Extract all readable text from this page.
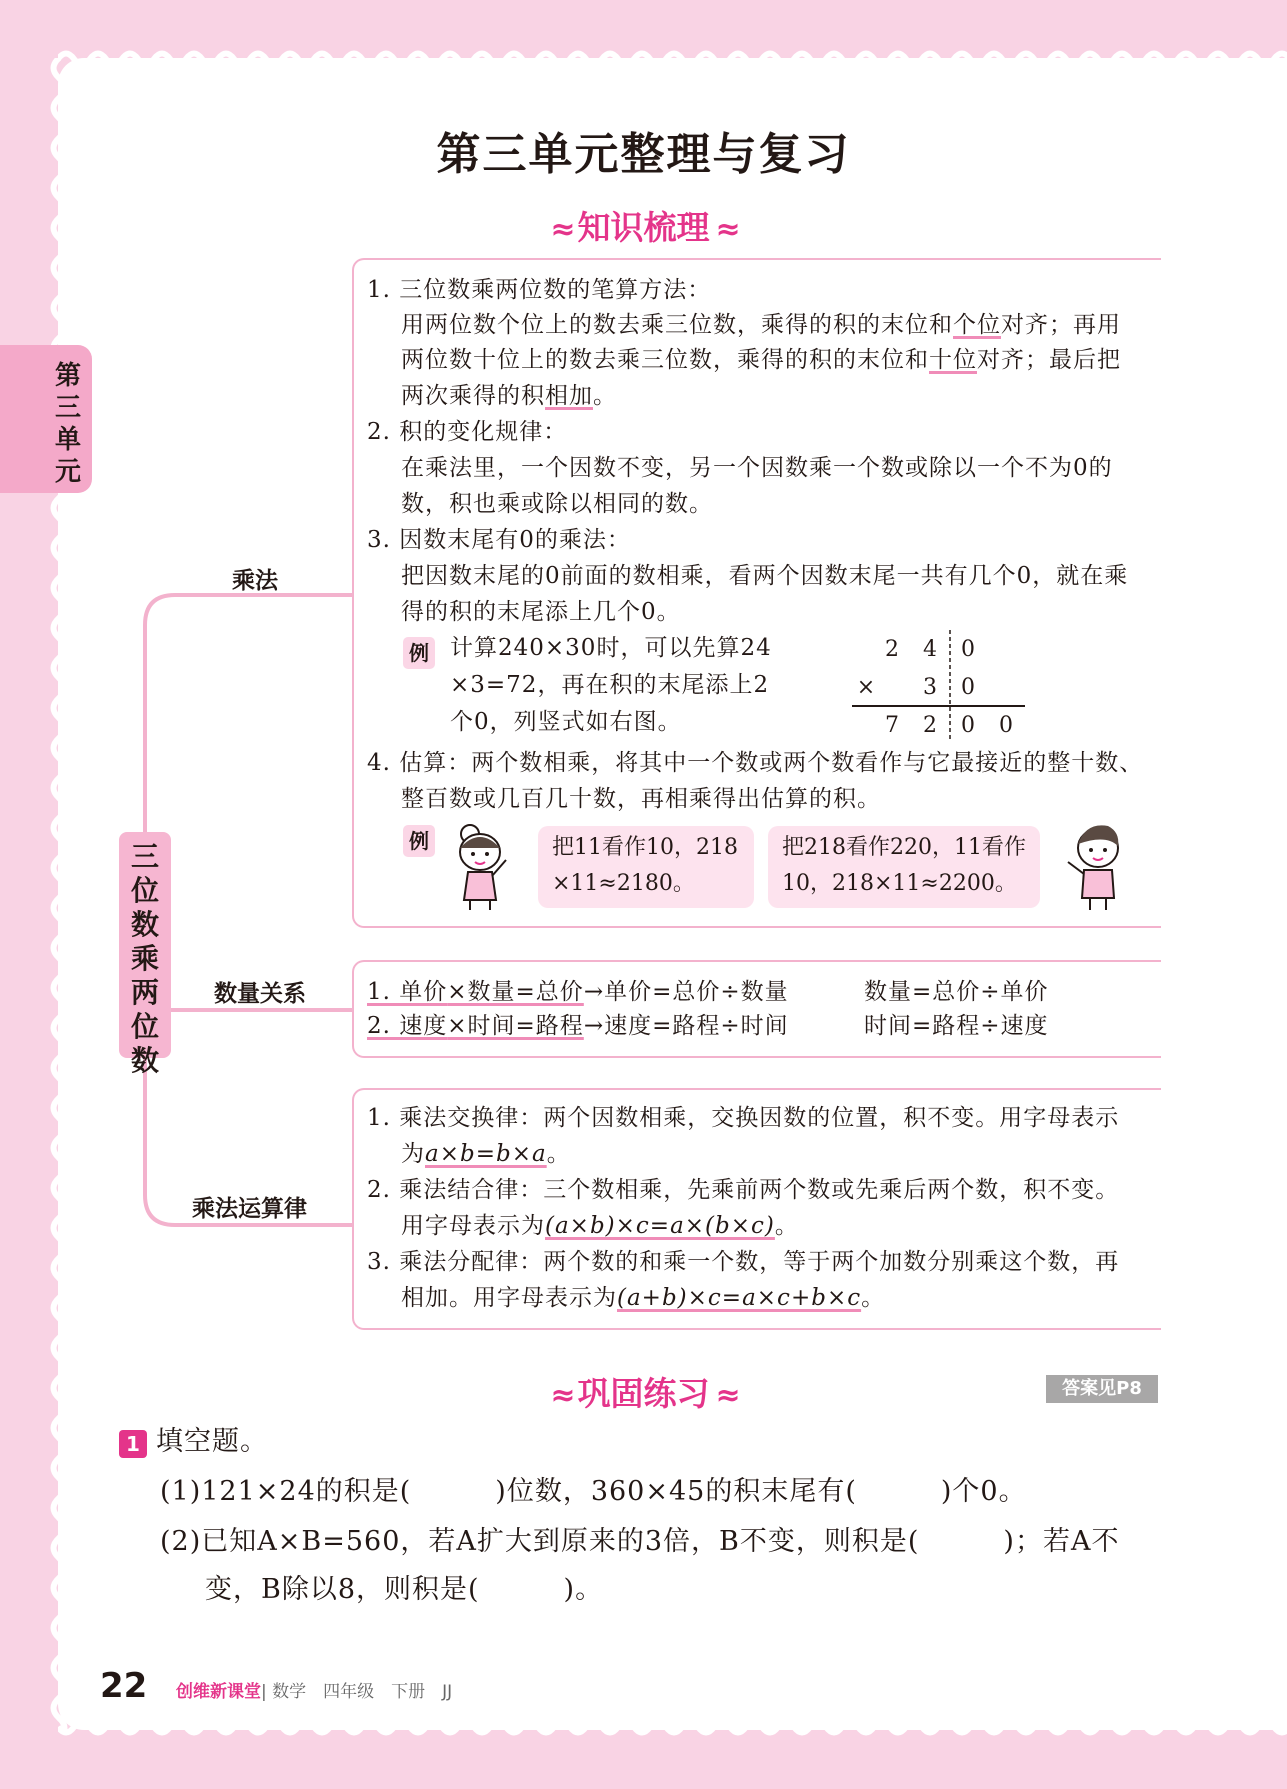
第三单元
第三单元整理与复习
≈ 知识梳理 ≈
乘法
数量关系
乘法运算律
三位数乘两位数
1. 三位数乘两位数的笔算方法：
用两位数个位上的数去乘三位数，乘得的积的末位和个位对齐；再用
两位数十位上的数去乘三位数，乘得的积的末位和十位对齐；最后把
两次乘得的积相加。
2. 积的变化规律：
在乘法里，一个因数不变，另一个因数乘一个数或除以一个不为0的
数，积也乘或除以相同的数。
3. 因数末尾有0的乘法：
把因数末尾的0前面的数相乘，看两个因数末尾一共有几个0，就在乘
得的积的末尾添上几个0。
例 计算240×30时，可以先算24
×3=72，再在积的末尾添上2
个0，列竖式如右图。
2 4 0
× 3 0
7 2 0 0
4. 估算：两个数相乘，将其中一个数或两个数看作与它最接近的整十数、
整百数或几百几十数，再相乘得出估算的积。
例	把11看作10，218
×11≈2180。
把218看作220，11看作
10，218×11≈2200。
1. 单价×数量=总价→单价=总价÷数量	数量=总价÷单价
2. 速度×时间=路程→速度=路程÷时间	时间=路程÷速度
1. 乘法交换律：两个因数相乘，交换因数的位置，积不变。用字母表示
为a×b=b×a。
2. 乘法结合律：三个数相乘，先乘前两个数或先乘后两个数，积不变。
用字母表示为(a×b)×c=a×(b×c)。
3. 乘法分配律：两个数的和乘一个数，等于两个加数分别乘这个数，再
相加。用字母表示为(a+b)×c=a×c+b×c。
≈ 巩固练习 ≈	答案见P8
1 填空题。
(1)121×24的积是(　　　)位数，360×45的积末尾有(　　　)个0。
(2)已知A×B=560，若A扩大到原来的3倍，B不变，则积是(　　　)；若A不
变，B除以8，则积是(　　　)。
22 创维新课堂| 数学　四年级　下册　JJ
